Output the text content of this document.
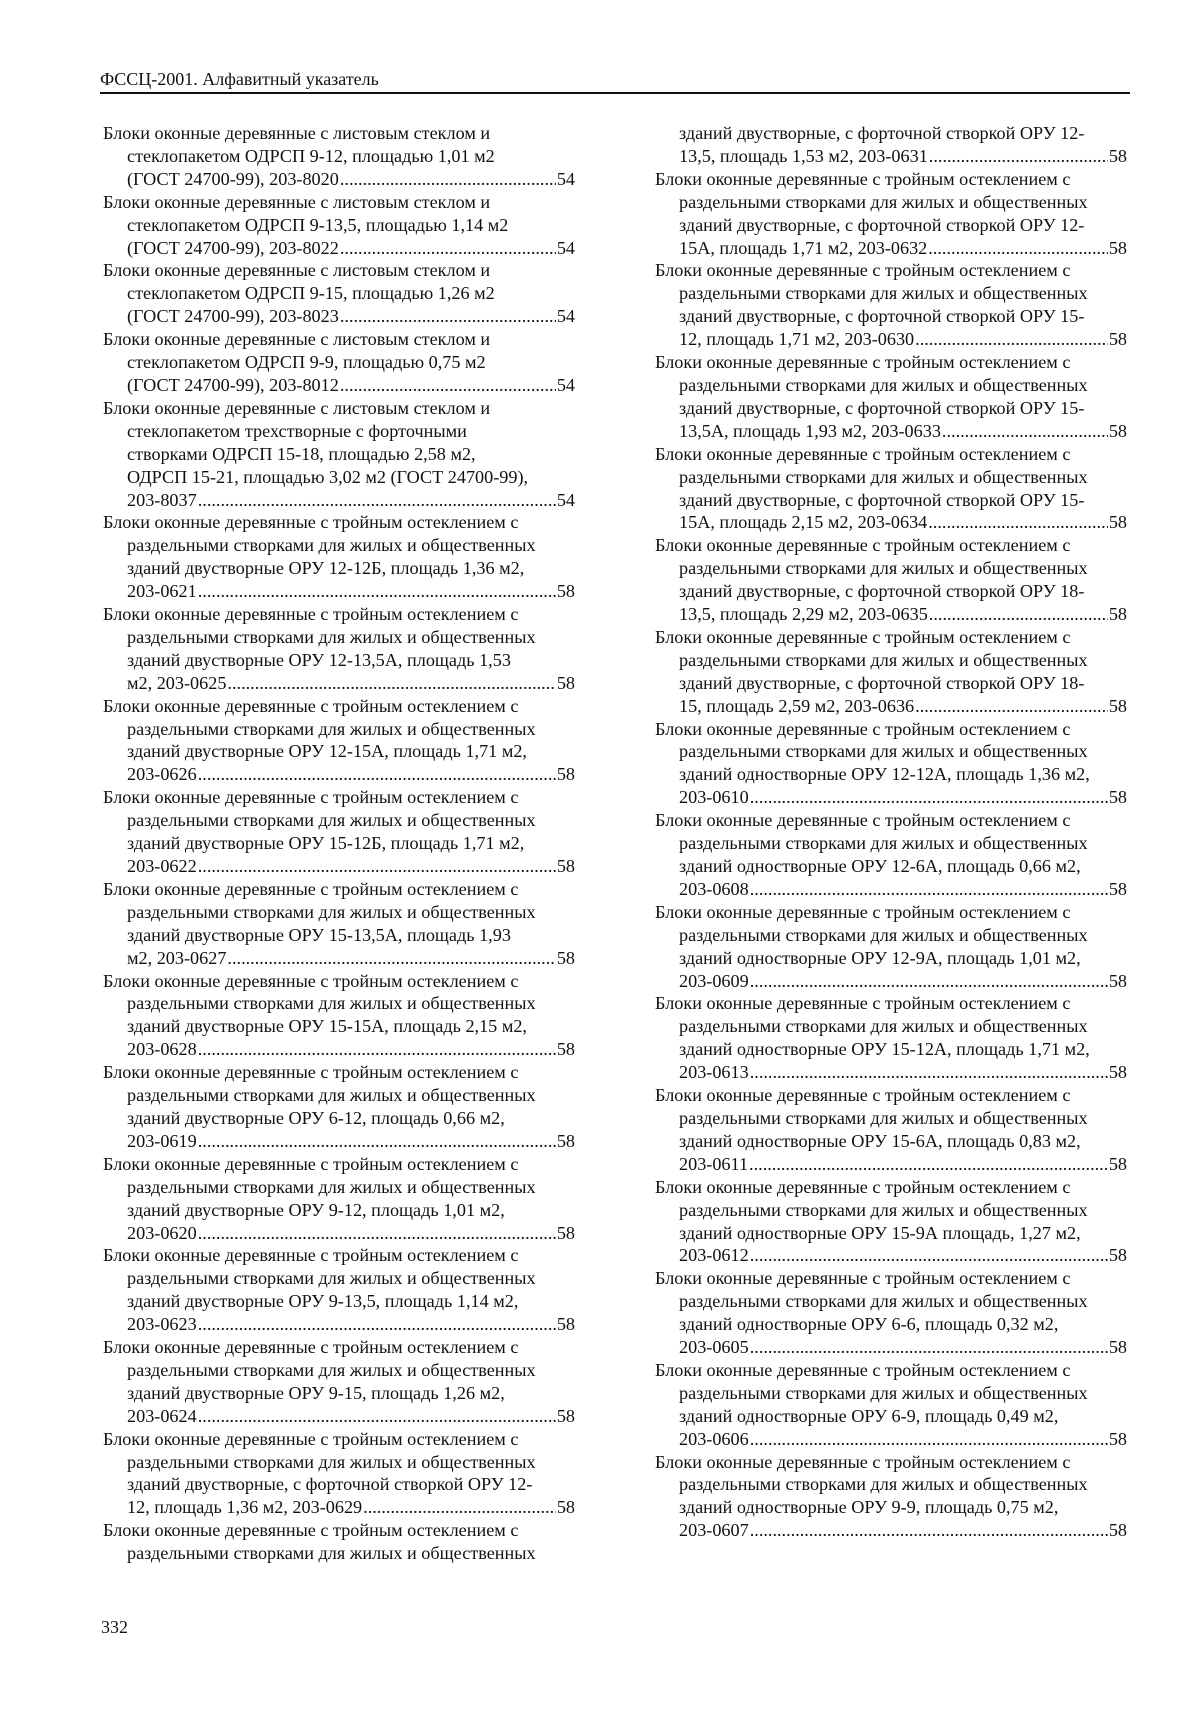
ФССЦ-2001. Алфавитный указатель
Блоки оконные деревянные с листовым стеклом и
стеклопакетом ОДРСП 9-12, площадью 1,01 м2
(ГОСТ 24700-99), 203-8020 .....	54
Блоки оконные деревянные с листовым стеклом и
стеклопакетом ОДРСП 9-13,5, площадью 1,14 м2
(ГОСТ 24700-99), 203-8022 .....	54
Блоки оконные деревянные с листовым стеклом и
стеклопакетом ОДРСП 9-15, площадью 1,26 м2
(ГОСТ 24700-99), 203-8023 .....	54
Блоки оконные деревянные с листовым стеклом и
стеклопакетом ОДРСП 9-9, площадью 0,75 м2
(ГОСТ 24700-99), 203-8012 .....	54
Блоки оконные деревянные с листовым стеклом и
стеклопакетом трехстворные с форточными
створками ОДРСП 15-18, площадью 2,58 м2,
ОДРСП 15-21, площадью 3,02 м2 (ГОСТ 24700-99),
203-8037 .....	54
Блоки оконные деревянные с тройным остеклением с
раздельными створками для жилых и общественных
зданий двустворные ОРУ 12-12Б, площадь 1,36 м2,
203-0621 .....	58
Блоки оконные деревянные с тройным остеклением с
раздельными створками для жилых и общественных
зданий двустворные ОРУ 12-13,5А, площадь 1,53
м2, 203-0625 .....	58
Блоки оконные деревянные с тройным остеклением с
раздельными створками для жилых и общественных
зданий двустворные ОРУ 12-15А, площадь 1,71 м2,
203-0626 .....	58
Блоки оконные деревянные с тройным остеклением с
раздельными створками для жилых и общественных
зданий двустворные ОРУ 15-12Б, площадь 1,71 м2,
203-0622 .....	58
Блоки оконные деревянные с тройным остеклением с
раздельными створками для жилых и общественных
зданий двустворные ОРУ 15-13,5А, площадь 1,93
м2, 203-0627 .....	58
Блоки оконные деревянные с тройным остеклением с
раздельными створками для жилых и общественных
зданий двустворные ОРУ 15-15А, площадь 2,15 м2,
203-0628 .....	58
Блоки оконные деревянные с тройным остеклением с
раздельными створками для жилых и общественных
зданий двустворные ОРУ 6-12, площадь 0,66 м2,
203-0619 .....	58
Блоки оконные деревянные с тройным остеклением с
раздельными створками для жилых и общественных
зданий двустворные ОРУ 9-12, площадь 1,01 м2,
203-0620 .....	58
Блоки оконные деревянные с тройным остеклением с
раздельными створками для жилых и общественных
зданий двустворные ОРУ 9-13,5, площадь 1,14 м2,
203-0623 .....	58
Блоки оконные деревянные с тройным остеклением с
раздельными створками для жилых и общественных
зданий двустворные ОРУ 9-15, площадь 1,26 м2,
203-0624 .....	58
Блоки оконные деревянные с тройным остеклением с
раздельными створками для жилых и общественных
зданий двустворные, с форточной створкой ОРУ 12-
12, площадь 1,36 м2, 203-0629 .....	58
Блоки оконные деревянные с тройным остеклением с
раздельными створками для жилых и общественных
зданий двустворные, с форточной створкой ОРУ 12-
13,5, площадь 1,53 м2, 203-0631 .....	58
Блоки оконные деревянные с тройным остеклением с
раздельными створками для жилых и общественных
зданий двустворные, с форточной створкой ОРУ 12-
15А, площадь 1,71 м2, 203-0632 .....	58
Блоки оконные деревянные с тройным остеклением с
раздельными створками для жилых и общественных
зданий двустворные, с форточной створкой ОРУ 15-
12, площадь 1,71 м2, 203-0630 .....	58
Блоки оконные деревянные с тройным остеклением с
раздельными створками для жилых и общественных
зданий двустворные, с форточной створкой ОРУ 15-
13,5А, площадь 1,93 м2, 203-0633 .....	58
Блоки оконные деревянные с тройным остеклением с
раздельными створками для жилых и общественных
зданий двустворные, с форточной створкой ОРУ 15-
15А, площадь 2,15 м2, 203-0634 .....	58
Блоки оконные деревянные с тройным остеклением с
раздельными створками для жилых и общественных
зданий двустворные, с форточной створкой ОРУ 18-
13,5, площадь 2,29 м2, 203-0635 .....	58
Блоки оконные деревянные с тройным остеклением с
раздельными створками для жилых и общественных
зданий двустворные, с форточной створкой ОРУ 18-
15, площадь 2,59 м2, 203-0636 .....	58
Блоки оконные деревянные с тройным остеклением с
раздельными створками для жилых и общественных
зданий одностворные ОРУ 12-12А, площадь 1,36 м2,
203-0610 .....	58
Блоки оконные деревянные с тройным остеклением с
раздельными створками для жилых и общественных
зданий одностворные ОРУ 12-6А, площадь 0,66 м2,
203-0608 .....	58
Блоки оконные деревянные с тройным остеклением с
раздельными створками для жилых и общественных
зданий одностворные ОРУ 12-9А, площадь 1,01 м2,
203-0609 .....	58
Блоки оконные деревянные с тройным остеклением с
раздельными створками для жилых и общественных
зданий одностворные ОРУ 15-12А, площадь 1,71 м2,
203-0613 .....	58
Блоки оконные деревянные с тройным остеклением с
раздельными створками для жилых и общественных
зданий одностворные ОРУ 15-6А, площадь 0,83 м2,
203-0611 .....	58
Блоки оконные деревянные с тройным остеклением с
раздельными створками для жилых и общественных
зданий одностворные ОРУ 15-9А площадь, 1,27 м2,
203-0612 .....	58
Блоки оконные деревянные с тройным остеклением с
раздельными створками для жилых и общественных
зданий одностворные ОРУ 6-6, площадь 0,32 м2,
203-0605 .....	58
Блоки оконные деревянные с тройным остеклением с
раздельными створками для жилых и общественных
зданий одностворные ОРУ 6-9, площадь 0,49 м2,
203-0606 .....	58
Блоки оконные деревянные с тройным остеклением с
раздельными створками для жилых и общественных
зданий одностворные ОРУ 9-9, площадь 0,75 м2,
203-0607 .....	58
332
